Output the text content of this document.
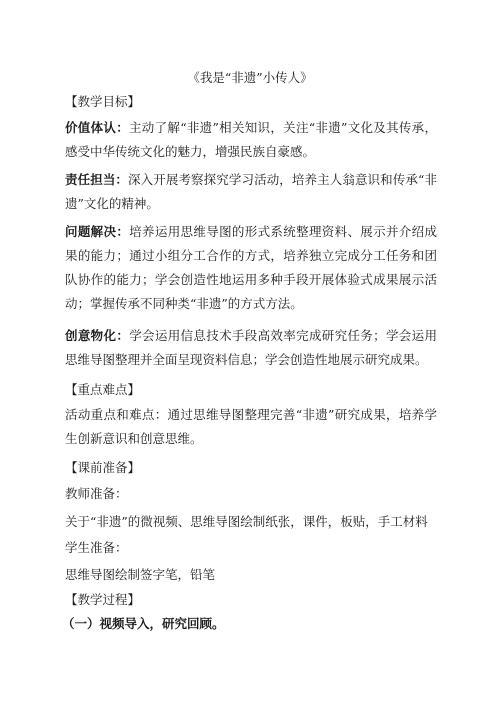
《我是“非遗”小传人》
【教学目标】
价值体认：主动了解“非遗”相关知识，关注“非遗”文化及其传承，感受中华传统文化的魅力，增强民族自豪感。
责任担当：深入开展考察探究学习活动，培养主人翁意识和传承“非遗”文化的精神。
问题解决：培养运用思维导图的形式系统整理资料、展示并介绍成果的能力；通过小组分工合作的方式，培养独立完成分工任务和团队协作的能力；学会创造性地运用多种手段开展体验式成果展示活动；掌握传承不同种类“非遗”的方式方法。
创意物化：学会运用信息技术手段高效率完成研究任务；学会运用思维导图整理并全面呈现资料信息；学会创造性地展示研究成果。
【重点难点】
活动重点和难点：通过思维导图整理完善“非遗”研究成果，培养学生创新意识和创意思维。
【课前准备】
教师准备：
关于“非遗”的微视频、思维导图绘制纸张，课件，板贴，手工材料
学生准备：
思维导图绘制签字笔，铅笔
【教学过程】
（一）视频导入，研究回顾。
